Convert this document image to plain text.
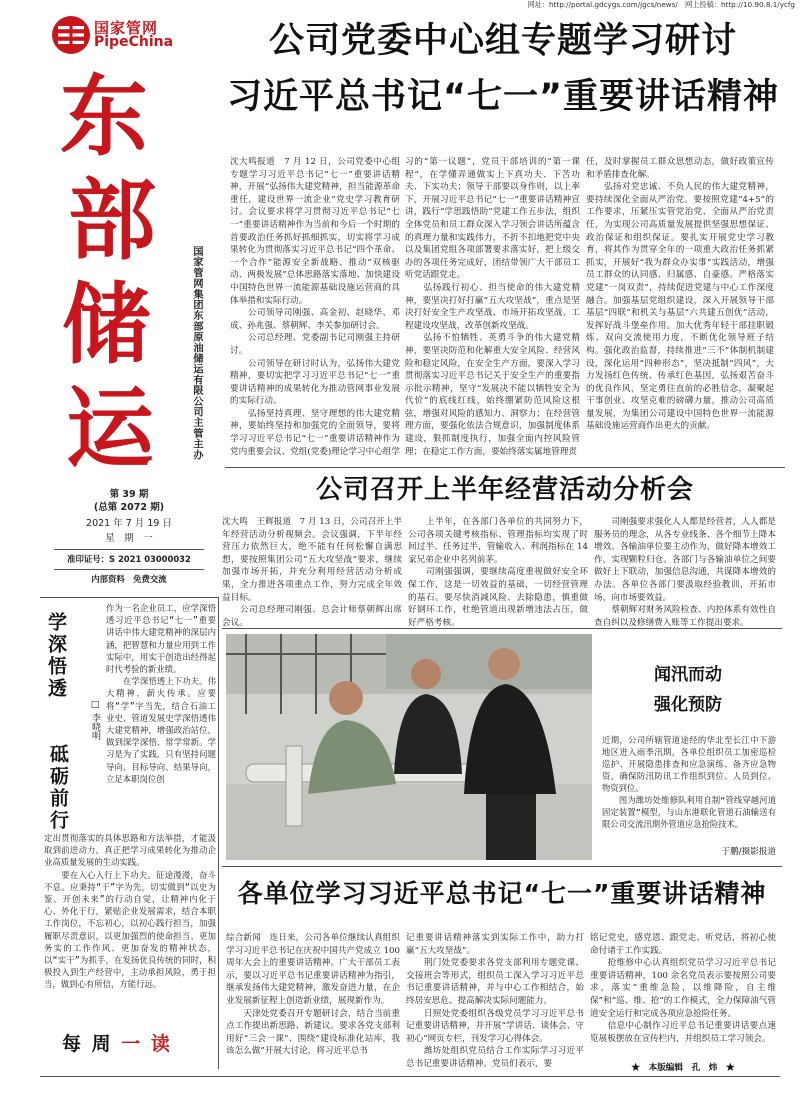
网址：http://portal.gdcygs.com/jgcs/news/　网上投稿：http://10.90.8.1/ycfg
国家管网
PipeChina
东
部
储
运	国家管网集团东部原油储运有限公司主管主办
第 39 期
(总第 2072 期)
2021 年 7 月 19 日
星　期　一
准印证号：S 2021 03000032
内部资料　免费交流
公司党委中心组专题学习研讨
习近平总书记“七一”重要讲话精神
沈大鸣报道　7 月 12 日，公司党委中心组专题学习习近平总书记“七一”重要讲话精神，开展“弘扬伟大建党精神，担当能源革命重任，建设世界一流企业”党史学习教育研讨。会议要求将学习贯彻习近平总书记“七一”重要讲话精神作为当前和今后一个时期的首要政治任务抓好抓细抓实，切实将学习成果转化为贯彻落实习近平总书记“四个革命、一个合作”能源安全新战略、推动“双核驱动、两极发展”总体思路落实落地、加快建设中国特色世界一流能源基础设施运营商的具体举措和实际行动。
　　公司领导司刚强、高金初、赵晓华、邓成、孙兆强、蔡朝辉、李关参加研讨会。
　　公司总经理、党委副书记司刚强主持研讨。
　　公司领导在研讨时认为，弘扬伟大建党精神，要切实把学习习近平总书记“七一”重要讲话精神的成果转化为推动管网事业发展的实际行动。
　　弘扬坚持真理、坚守理想的伟大建党精神，要始终坚持和加强党的全面领导，要将学习习近平总书记“七一”重要讲话精神作为党内重要会议、党组(党委)理论学习中心组学
习的“第一议题”，党员干部培训的“第一课程”，在学懂弄通做实上下真功夫、下苦功夫、下实功夫；领导干部要以身作则，以上率下，开展习近平总书记“七一”重要讲话精神宣讲，践行“学思践悟助”党建工作五步法，组织全体党员和员工群众深入学习领会讲话所蕴含的真理力量和实践伟力，不折不扣地把党中央以及集团党组各项部署要求落实好，把上级交办的各项任务完成好，团结带领广大干部员工听党话跟党走。
　　弘扬践行初心、担当使命的伟大建党精神，要坚决打好打赢“五大攻坚战”，重点是坚决打好安全生产攻坚战、市场开拓攻坚战、工程建设攻坚战，改革创新攻坚战。
　　弘扬不怕牺牲、英勇斗争的伟大建党精神，要坚决防范和化解重大安全风险、经营风险和稳定风险，在安全生产方面，要深入学习贯彻落实习近平总书记关于安全生产的重要指示批示精神，坚守“发展决不能以牺牲安全为代价”的底线红线，始终绷紧防范风险这根弦，增强对风险的感知力、洞察力；在经营管理方面，要强化依法合规意识，加强制度体系建设，狠抓制度执行，加强全面内控风险管理；在稳定工作方面，要始终落实属地管理责
任，及时掌握员工群众思想动态，做好政策宣传和矛盾排查化解。
　　弘扬对党忠诚、不负人民的伟大建党精神，要持续深化全面从严治党。要按照党建“4+5”的工作要求，压紧压实管党治党、全面从严治党责任，为实现公司高质量发展提供坚强思想保证、政治保证和组织保证。要扎实开展党史学习教育，将其作为贯穿全年的一项重大政治任务抓紧抓实，开展好“我为群众办实事”实践活动，增强员工群众的认同感、归属感、自豪感。严格落实党建“一岗双责”，持续促进党建与中心工作深度融合。加强基层党组织建设，深入开展领导干部基层“四联”和机关与基层“六共建五创优”活动，发挥好战斗堡垒作用。加大优秀年轻干部挂职锻炼、双向交流使用力度，不断优化领导班子结构。强化政治监督，持续推进“三不”体制机制建设，深化运用“四种形态”，坚决抵制“四风”，大力发扬红色传统、传承红色基因，弘扬艰苦奋斗的优良作风，坚定勇往直前的必胜信念，凝聚起干事创业、攻坚克难的磅礴力量，推动公司高质量发展，为集团公司建设中国特色世界一流能源基础设施运营商作出更大的贡献。
公司召开上半年经营活动分析会
沈大鸣　王辉报道　7 月 13 日，公司召开上半年经营活动分析视频会。会议强调，下半年经营压力依然巨大，绝不能有任何松懈自满思想，要按照集团公司“五大攻坚战”要求，继续加强市场开拓，并充分利用经营活动分析成果，全力推进各项重点工作，努力完成全年效益目标。
　　公司总经理司刚强、总会计师蔡朝辉出席会议。
　　上半年，在各部门各单位的共同努力下，公司各项关键考核指标、管理指标均实现了时间过半、任务过半，管输收入、利润指标在 14 家兄弟企业中名列前茅。
　　司刚强强调，要继续高度重视做好安全环保工作，这是一切效益的基础，一切经营管理的基石。要尽快消减风险、去除隐患，慎重做好钢环工作，杜绝管道出现新增违法占压，做好严格考核。
　　司刚强要求强化人人都是经营者，人人都是服务员的理念，从各专业线条、各个细节上降本增效。各输油单位要主动作为，做好降本增效工作，实现颗粒归仓。各部门与各输油单位之间要做好上下联动，加强信息沟通，共谋降本增效的办法。各单位各部门要汲取经验教训，开拓市场，向市场要效益。
　　蔡朝辉对财务风险检查、内控体系有效性自查自纠以及修缮费入账等工作提出要求。
学深悟透
砥砺前行
□ 李晓明
作为一名企业员工，应学深悟透习近平总书记“七一”重要讲话中伟大建党精神的深层内涵，把智慧和力量应用到工作实际中，用实干创造出经得起时代考验的新业绩。
　　在学深悟透上下功夫。伟大精神，薪火传承。应要将“学”字当先，结合石油工业史、管道发展史学深悟透伟大建党精神，增强政治站位，做到深学深悟、常学常新。学习是为了实践，只有坚持问题导向、目标导向、结果导向，立足本职岗位创
定出贯彻落实的具体思路和方法举措，才能汲取到前进动力，真正把学习成果转化为推动企业高质量发展的生动实践。
　　要在入心入行上下功夫。征途漫漫，奋斗不息。应秉持“干”字为先，切实做到“以史为鉴、开创未来”的行动自觉，让精神内化于心、外化于行，紧贴企业发展需求，结合本职工作岗位，不忘初心，以初心践行担当，加强履职尽责意识，以更加强烈的使命担当、更加务实的工作作风、更加奋发的精神状态，以“实干”为抓手，在发扬优良传统的同时，积极投入到生产经营中，主动承担风险，勇于担当，做到心有所信，方能行远。
每 周 一 读
闻汛而动
强化预防
近期，公司所辖管道途经的华北至长江中下游地区进入雨季汛期，各单位组织员工加密巡检巡护、开展隐患排查和应急演练、备齐应急物资，确保防汛防讯工作组织到位、人员到位、物资到位。
　　图为潍坊处维修队利用自制“管线穿越河道固定装置”模型，与山东港联化管道石油输送有限公司交流汛期外管道应急抢险技术。
于鹏/摄影报道
各单位学习习近平总书记“七一”重要讲话精神
综合新闻　连日来，公司各单位继续认真组织学习习近平总书记在庆祝中国共产党成立 100 周年大会上的重要讲话精神。广大干部员工表示，要以习近平总书记重要讲话精神为指引，继承发扬伟大建党精神，激发奋进力量，在企业发展新征程上创造新业绩，展现新作为。
　　天津处党委召开专题研讨会，结合当前重点工作提出新思路、新建议。要求各党支部利用好“三会一课”、围绕“建设标准化站库，我该怎么做”开展大讨论，将习近平总书
记重要讲话精神落实到实际工作中，助力打赢“五大攻坚战”。
　　荆门处党委要求各党支部利用专题党课、交接班会等形式，组织员工深入学习习近平总书记重要讲话精神，并与中心工作相结合，始终居安思危、提高解决实际问题能力。
　　日照处党委组织各级党员学习习近平总书记重要讲话精神，并开展“学讲话、谈体会、守初心”网页专栏，刊发学习心得体会。
　　潍坊处组织党员结合工作实际学习习近平总书记重要讲话精神。党员们表示，要
铭记党史，感党恩、跟党走、听党话，将初心使命付诸于工作实践。
　　抢维修中心认真组织党员学习习近平总书记重要讲话精神，100 余名党员表示要按照公司要求，落实“重维急险，以维降险，自主维保”和“巡、维、抢”的工作模式，全力保障油气管道安全运行和完成各项应急抢险任务。
　　信息中心制作习近平总书记重要讲话要点速览展板摆放在宣传栏内，并组织员工学习领会。
★　本版编辑　孔　炜　★
